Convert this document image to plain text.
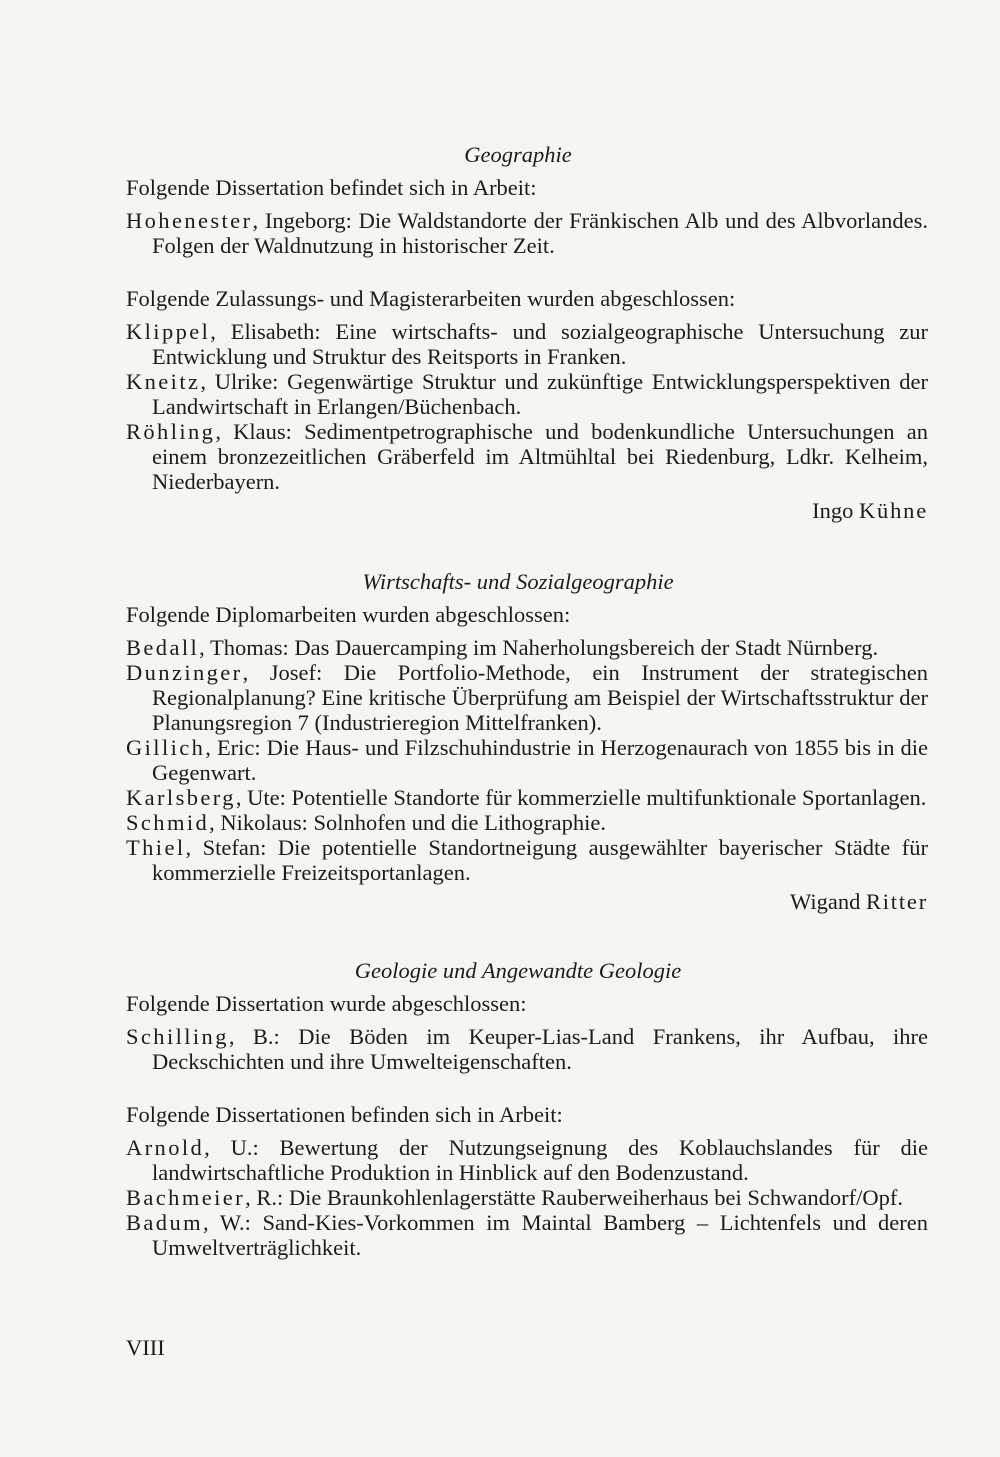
Geographie

Folgende Dissertation befindet sich in Arbeit:

Hohenester, Ingeborg: Die Waldstandorte der Fränkischen Alb und des Albvorlandes. Folgen der Waldnutzung in historischer Zeit.

Folgende Zulassungs- und Magisterarbeiten wurden abgeschlossen:

Klippel, Elisabeth: Eine wirtschafts- und sozialgeographische Untersuchung zur Entwicklung und Struktur des Reitsports in Franken.

Kneitz, Ulrike: Gegenwärtige Struktur und zukünftige Entwicklungsperspektiven der Landwirtschaft in Erlangen/Büchenbach.

Röhling, Klaus: Sedimentpetrographische und bodenkundliche Untersuchungen an einem bronzezeitlichen Gräberfeld im Altmühltal bei Riedenburg, Ldkr. Kelheim, Niederbayern.

Ingo Kühne
Wirtschafts- und Sozialgeographie

Folgende Diplomarbeiten wurden abgeschlossen:

Bedall, Thomas: Das Dauercamping im Naherholungsbereich der Stadt Nürnberg.

Dunzinger, Josef: Die Portfolio-Methode, ein Instrument der strategischen Regionalplanung? Eine kritische Überprüfung am Beispiel der Wirtschaftsstruktur der Planungsregion 7 (Industrieregion Mittelfranken).

Gillich, Eric: Die Haus- und Filzschuhindustrie in Herzogenaurach von 1855 bis in die Gegenwart.

Karlsberg, Ute: Potentielle Standorte für kommerzielle multifunktionale Sportanlagen.

Schmid, Nikolaus: Solnhofen und die Lithographie.

Thiel, Stefan: Die potentielle Standortneigung ausgewählter bayerischer Städte für kommerzielle Freizeitsportanlagen.

Wigand Ritter
Geologie und Angewandte Geologie

Folgende Dissertation wurde abgeschlossen:

Schilling, B.: Die Böden im Keuper-Lias-Land Frankens, ihr Aufbau, ihre Deckschichten und ihre Umwelteigenschaften.

Folgende Dissertationen befinden sich in Arbeit:

Arnold, U.: Bewertung der Nutzungseignung des Koblauchslandes für die landwirtschaftliche Produktion in Hinblick auf den Bodenzustand.

Bachmeier, R.: Die Braunkohlenlagerstätte Rauberweiherhaus bei Schwandorf/Opf.

Badum, W.: Sand-Kies-Vorkommen im Maintal Bamberg – Lichtenfels und deren Umweltverträglichkeit.

VIII
